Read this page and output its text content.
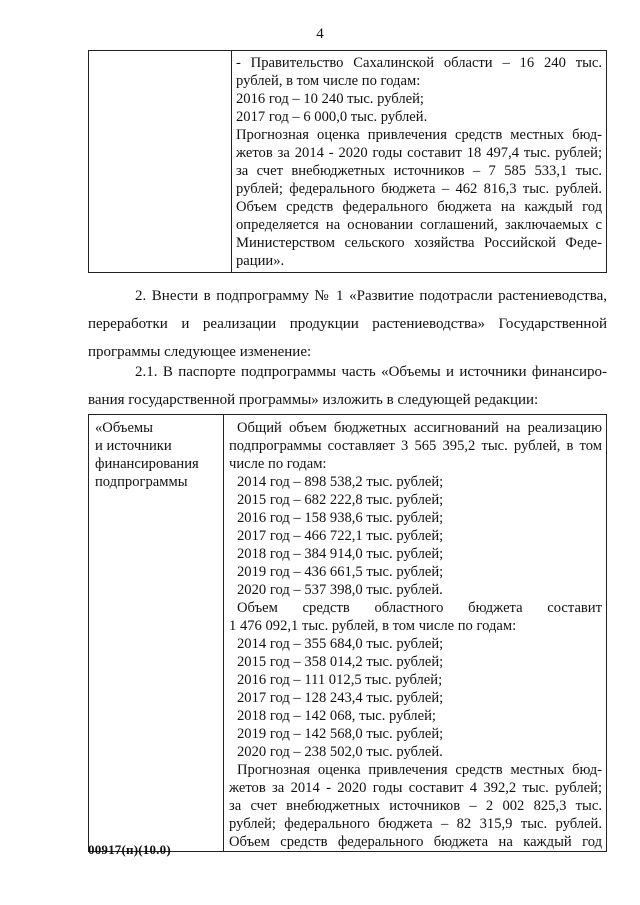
4

- Правительство Сахалинской области – 16 240 тыс.
рублей, в том числе по годам:
2016 год – 10 240 тыс. рублей;
2017 год – 6 000,0 тыс. рублей.
Прогнозная оценка привлечения средств местных бюд-
жетов за 2014 - 2020 годы составит 18 497,4 тыс. рублей;
за счет внебюджетных источников – 7 585 533,1 тыс.
рублей; федерального бюджета – 462 816,3 тыс. рублей.
Объем средств федерального бюджета на каждый год
определяется на основании соглашений, заключаемых с
Министерством сельского хозяйства Российской Феде-
рации».
2. Внести в подпрограмму № 1 «Развитие подотрасли растениеводства,
переработки и реализации продукции растениеводства» Государственной
программы следующее изменение:
2.1. В паспорте подпрограммы часть «Объемы и источники финансиро-
вания государственной программы» изложить в следующей редакции:
«Объемы
и источники
финансирования
подпрограммы

Общий объем бюджетных ассигнований на реализацию
подпрограммы составляет 3 565 395,2 тыс. рублей, в том
числе по годам:
2014 год – 898 538,2 тыс. рублей;
2015 год – 682 222,8 тыс. рублей;
2016 год – 158 938,6 тыс. рублей;
2017 год – 466 722,1 тыс. рублей;
2018 год – 384 914,0 тыс. рублей;
2019 год – 436 661,5 тыс. рублей;
2020 год – 537 398,0 тыс. рублей.
Объем средств областного бюджета составит
1 476 092,1 тыс. рублей, в том числе по годам:
2014 год – 355 684,0 тыс. рублей;
2015 год – 358 014,2 тыс. рублей;
2016 год – 111 012,5 тыс. рублей;
2017 год – 128 243,4 тыс. рублей;
2018 год – 142 068, тыс. рублей;
2019 год – 142 568,0 тыс. рублей;
2020 год – 238 502,0 тыс. рублей.
Прогнозная оценка привлечения средств местных бюд-
жетов за 2014 - 2020 годы составит 4 392,2 тыс. рублей;
за счет внебюджетных источников – 2 002 825,3 тыс.
рублей; федерального бюджета – 82 315,9 тыс. рублей.
Объем средств федерального бюджета на каждый год
00917(п)(10.0)
